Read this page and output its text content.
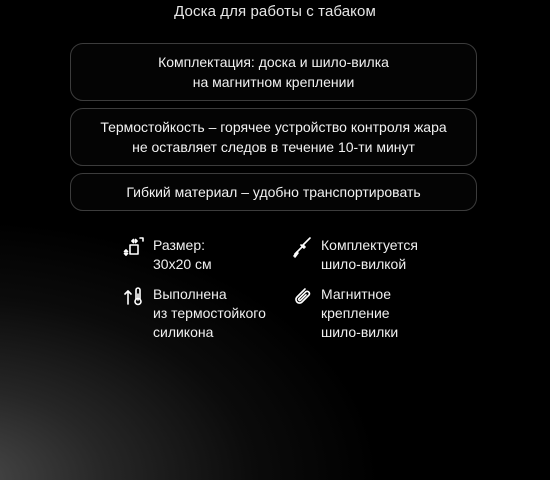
Доска для работы с табаком
Комплектация: доска и шило-вилка
на магнитном креплении
Термостойкость – горячее устройство контроля жара
не оставляет следов в течение 10-ти минут
Гибкий материал – удобно транспортировать
Размер:
30x20 см
Комплектуется
шило-вилкой
Выполнена
из термостойкого
силикона
Магнитное
крепление
шило-вилки
